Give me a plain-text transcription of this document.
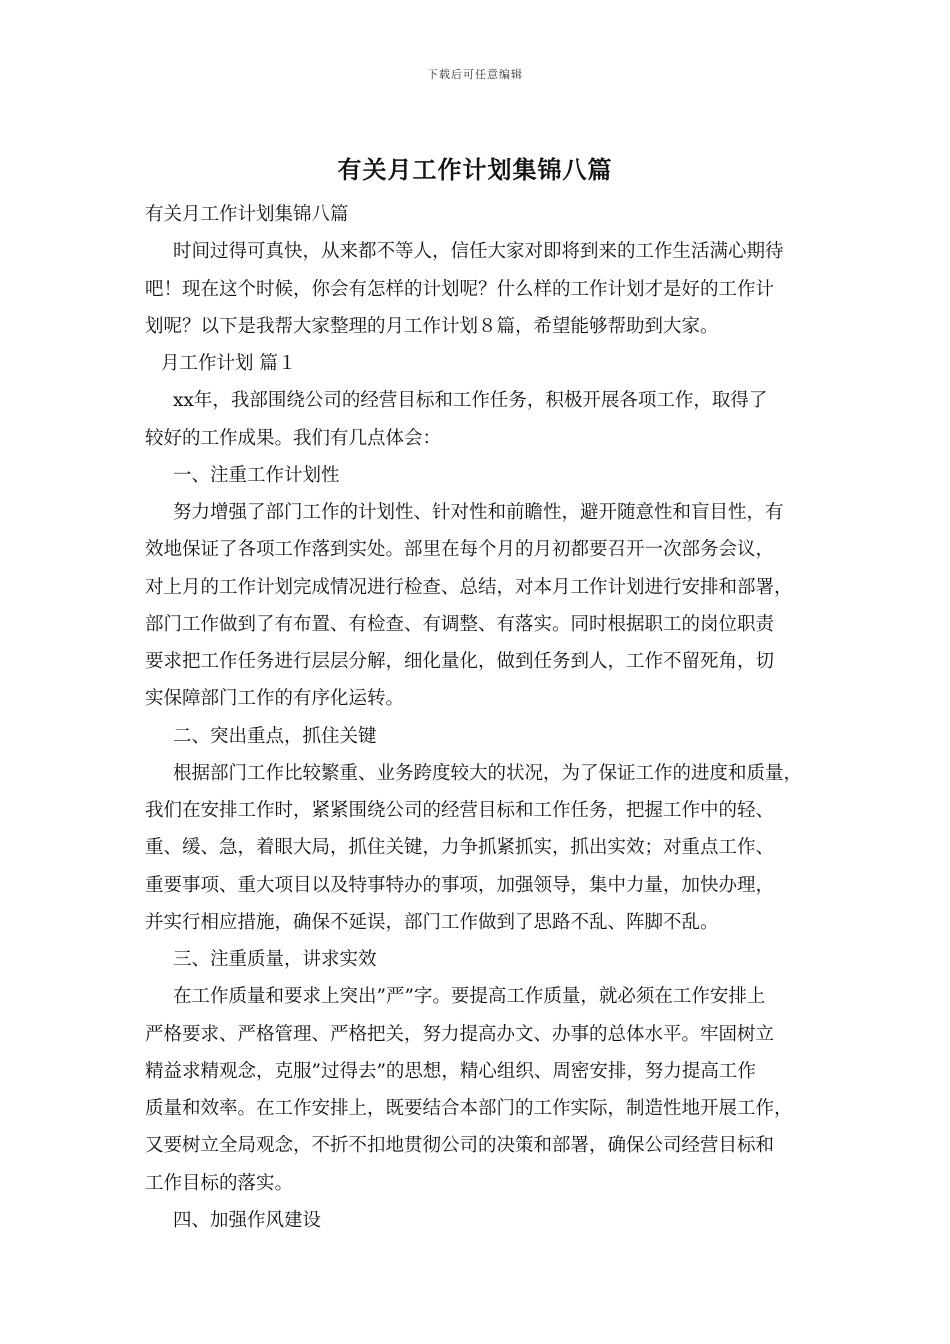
下载后可任意编辑
有关月工作计划集锦八篇
有关月工作计划集锦八篇
时间过得可真快，从来都不等人，信任大家对即将到来的工作生活满心期待
吧！现在这个时候，你会有怎样的计划呢？什么样的工作计划才是好的工作计
划呢？以下是我帮大家整理的月工作计划８篇，希望能够帮助到大家。
月工作计划 篇１
xx年，我部围绕公司的经营目标和工作任务，积极开展各项工作，取得了
较好的工作成果。我们有几点体会：
一、注重工作计划性
努力增强了部门工作的计划性、针对性和前瞻性，避开随意性和盲目性，有
效地保证了各项工作落到实处。部里在每个月的月初都要召开一次部务会议，
对上月的工作计划完成情况进行检查、总结，对本月工作计划进行安排和部署，
部门工作做到了有布置、有检查、有调整、有落实。同时根据职工的岗位职责
要求把工作任务进行层层分解，细化量化，做到任务到人，工作不留死角，切
实保障部门工作的有序化运转。
二、突出重点，抓住关键
根据部门工作比较繁重、业务跨度较大的状况，为了保证工作的进度和质量，
我们在安排工作时，紧紧围绕公司的经营目标和工作任务，把握工作中的轻、
重、缓、急，着眼大局，抓住关键，力争抓紧抓实，抓出实效；对重点工作、
重要事项、重大项目以及特事特办的事项，加强领导，集中力量，加快办理，
并实行相应措施，确保不延误，部门工作做到了思路不乱、阵脚不乱。
三、注重质量，讲求实效
在工作质量和要求上突出”严”字。要提高工作质量，就必须在工作安排上
严格要求、严格管理、严格把关，努力提高办文、办事的总体水平。牢固树立
精益求精观念，克服”过得去”的思想，精心组织、周密安排，努力提高工作
质量和效率。在工作安排上，既要结合本部门的工作实际，制造性地开展工作，
又要树立全局观念，不折不扣地贯彻公司的决策和部署，确保公司经营目标和
工作目标的落实。
四、加强作风建设
